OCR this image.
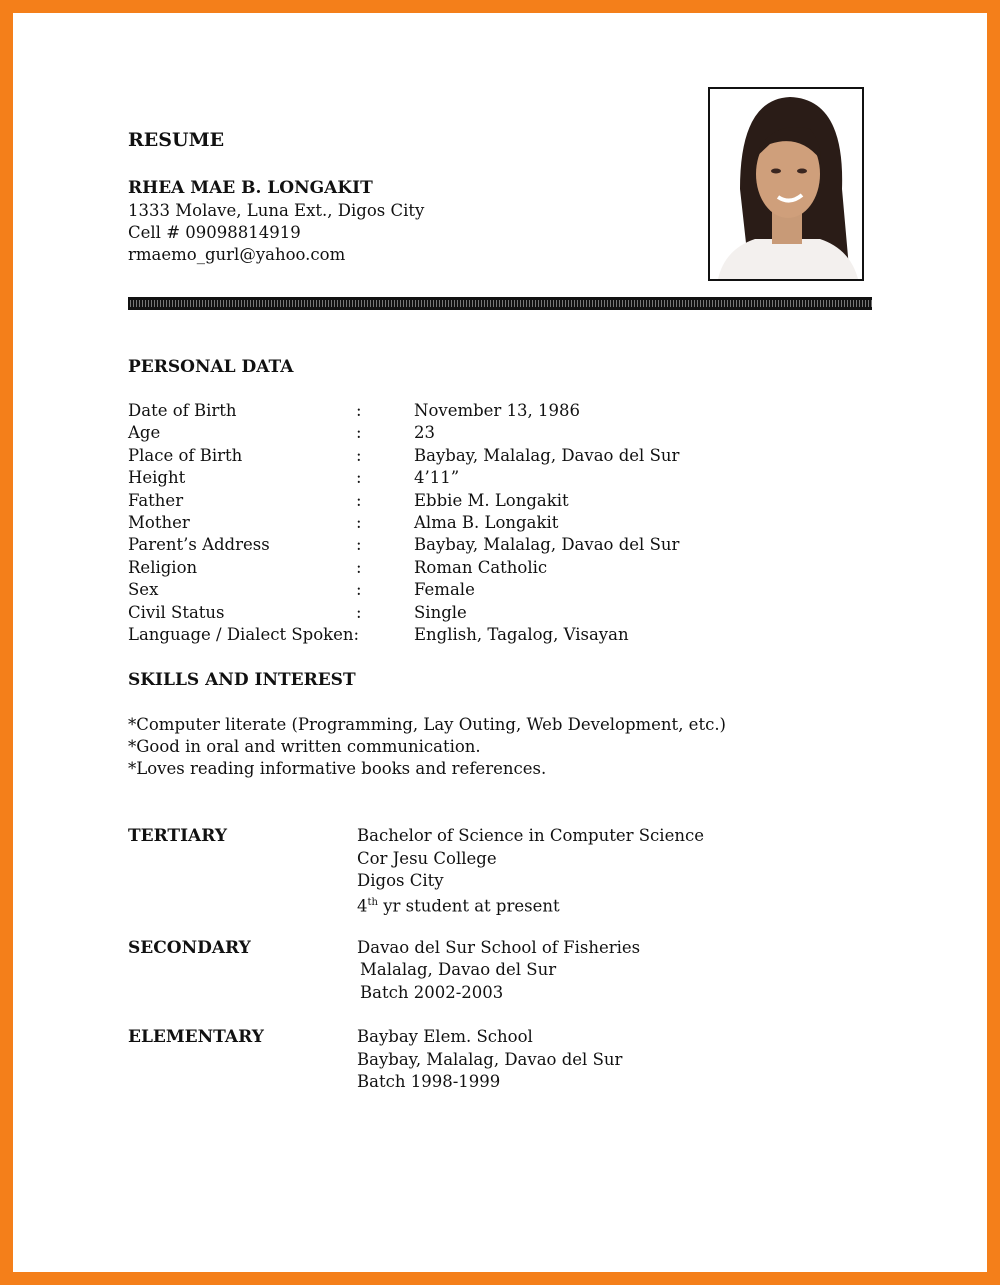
RESUME
RHEA MAE B. LONGAKIT
1333 Molave, Luna Ext., Digos City
Cell # 09098814919
rmaemo_gurl@yahoo.com
PERSONAL DATA
Date of Birth	:	November 13, 1986
Age	:	23
Place of Birth	:	Baybay, Malalag, Davao del Sur
Height	:	4’11”
Father	:	Ebbie M. Longakit
Mother	:	Alma B. Longakit
Parent’s Address	:	Baybay, Malalag, Davao del Sur
Religion	:	Roman Catholic
Sex	:	Female
Civil Status	:	Single
Language / Dialect Spoken:	English, Tagalog, Visayan
SKILLS AND INTEREST
*Computer literate (Programming, Lay Outing, Web Development, etc.)
*Good in oral and written communication.
*Loves reading informative books and references.
TERTIARY	Bachelor of Science in Computer Science
Cor Jesu College
Digos City
4th yr student at present
SECONDARY	Davao del Sur School of Fisheries
Malalag, Davao del Sur
Batch 2002-2003
ELEMENTARY	Baybay Elem. School
Baybay, Malalag, Davao del Sur
Batch 1998-1999
